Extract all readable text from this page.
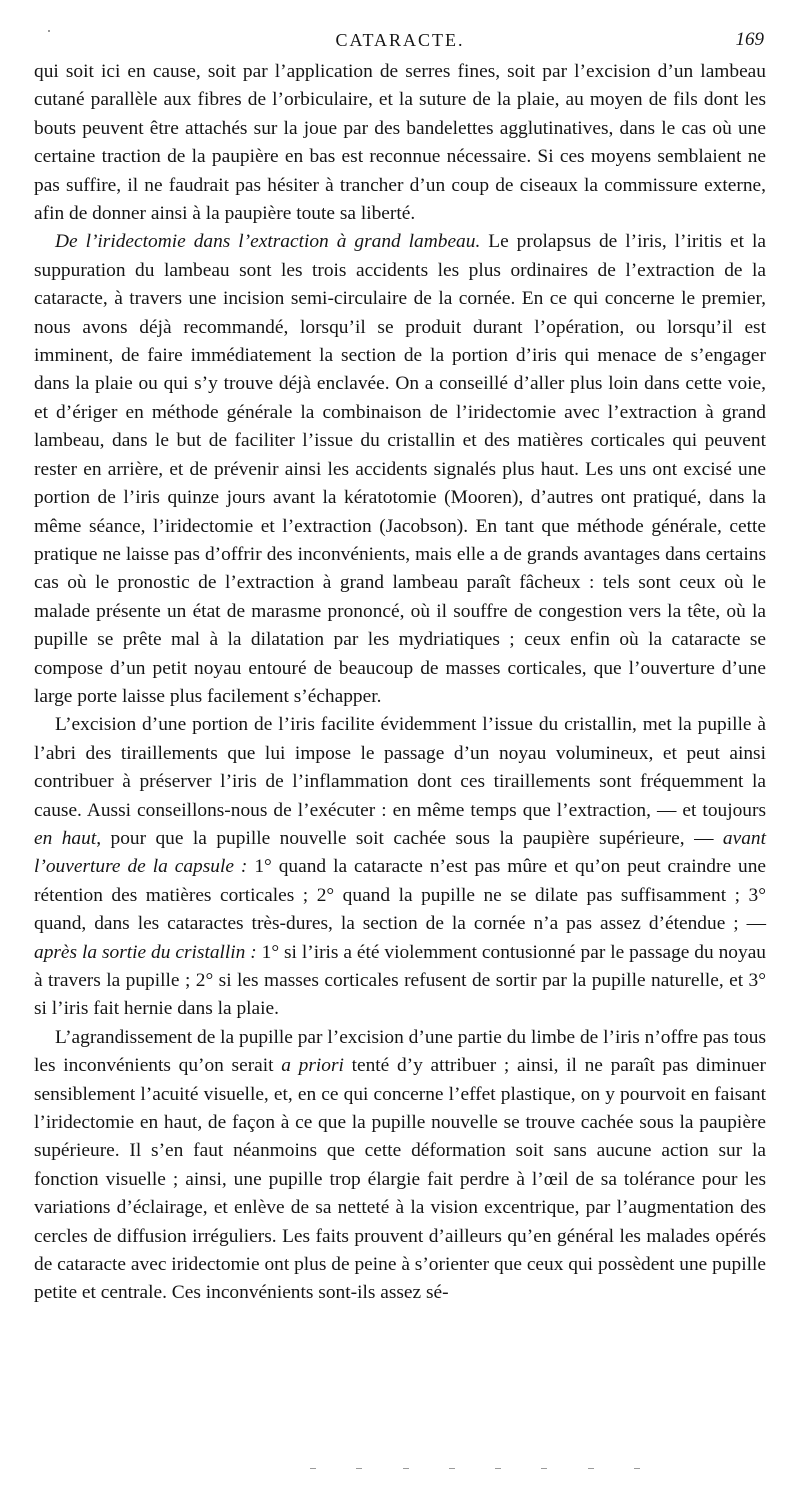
CATARACTE.	169

qui soit ici en cause, soit par l’application de serres fines, soit par l’excision d’un lambeau cutané parallèle aux fibres de l’orbiculaire, et la suture de la plaie, au moyen de fils dont les bouts peuvent être attachés sur la joue par des bandelettes agglutinatives, dans le cas où une certaine traction de la paupière en bas est reconnue nécessaire. Si ces moyens semblaient ne pas suffire, il ne faudrait pas hésiter à trancher d’un coup de ciseaux la commissure externe, afin de donner ainsi à la paupière toute sa liberté.

De l’iridectomie dans l’extraction à grand lambeau. Le prolapsus de l’iris, l’iritis et la suppuration du lambeau sont les trois accidents les plus ordinaires de l’extraction de la cataracte, à travers une incision semi-circulaire de la cornée. En ce qui concerne le premier, nous avons déjà recommandé, lorsqu’il se produit durant l’opération, ou lorsqu’il est imminent, de faire immédiatement la section de la portion d’iris qui menace de s’engager dans la plaie ou qui s’y trouve déjà enclavée. On a conseillé d’aller plus loin dans cette voie, et d’ériger en méthode générale la combinaison de l’iridectomie avec l’extraction à grand lambeau, dans le but de faciliter l’issue du cristallin et des matières corticales qui peuvent rester en arrière, et de prévenir ainsi les accidents signalés plus haut. Les uns ont excisé une portion de l’iris quinze jours avant la kératotomie (Mooren), d’autres ont pratiqué, dans la même séance, l’iridectomie et l’extraction (Jacobson). En tant que méthode générale, cette pratique ne laisse pas d’offrir des inconvénients, mais elle a de grands avantages dans certains cas où le pronostic de l’extraction à grand lambeau paraît fâcheux : tels sont ceux où le malade présente un état de marasme prononcé, où il souffre de congestion vers la tête, où la pupille se prête mal à la dilatation par les mydriatiques ; ceux enfin où la cataracte se compose d’un petit noyau entouré de beaucoup de masses corticales, que l’ouverture d’une large porte laisse plus facilement s’échapper.

L’excision d’une portion de l’iris facilite évidemment l’issue du cristallin, met la pupille à l’abri des tiraillements que lui impose le passage d’un noyau volumineux, et peut ainsi contribuer à préserver l’iris de l’inflammation dont ces tiraillements sont fréquemment la cause. Aussi conseillons-nous de l’exécuter : en même temps que l’extraction, — et toujours en haut, pour que la pupille nouvelle soit cachée sous la paupière supérieure, — avant l’ouverture de la capsule : 1° quand la cataracte n’est pas mûre et qu’on peut craindre une rétention des matières corticales ; 2° quand la pupille ne se dilate pas suffisamment ; 3° quand, dans les cataractes très-dures, la section de la cornée n’a pas assez d’étendue ; — après la sortie du cristallin : 1° si l’iris a été violemment contusionné par le passage du noyau à travers la pupille ; 2° si les masses corticales refusent de sortir par la pupille naturelle, et 3° si l’iris fait hernie dans la plaie.

L’agrandissement de la pupille par l’excision d’une partie du limbe de l’iris n’offre pas tous les inconvénients qu’on serait a priori tenté d’y attribuer ; ainsi, il ne paraît pas diminuer sensiblement l’acuité visuelle, et, en ce qui concerne l’effet plastique, on y pourvoit en faisant l’iridectomie en haut, de façon à ce que la pupille nouvelle se trouve cachée sous la paupière supérieure. Il s’en faut néanmoins que cette déformation soit sans aucune action sur la fonction visuelle ; ainsi, une pupille trop élargie fait perdre à l’œil de sa tolérance pour les variations d’éclairage, et enlève de sa netteté à la vision excentrique, par l’augmentation des cercles de diffusion irréguliers. Les faits prouvent d’ailleurs qu’en général les malades opérés de cataracte avec iridectomie ont plus de peine à s’orienter que ceux qui possèdent une pupille petite et centrale. Ces inconvénients sont-ils assez sé-
